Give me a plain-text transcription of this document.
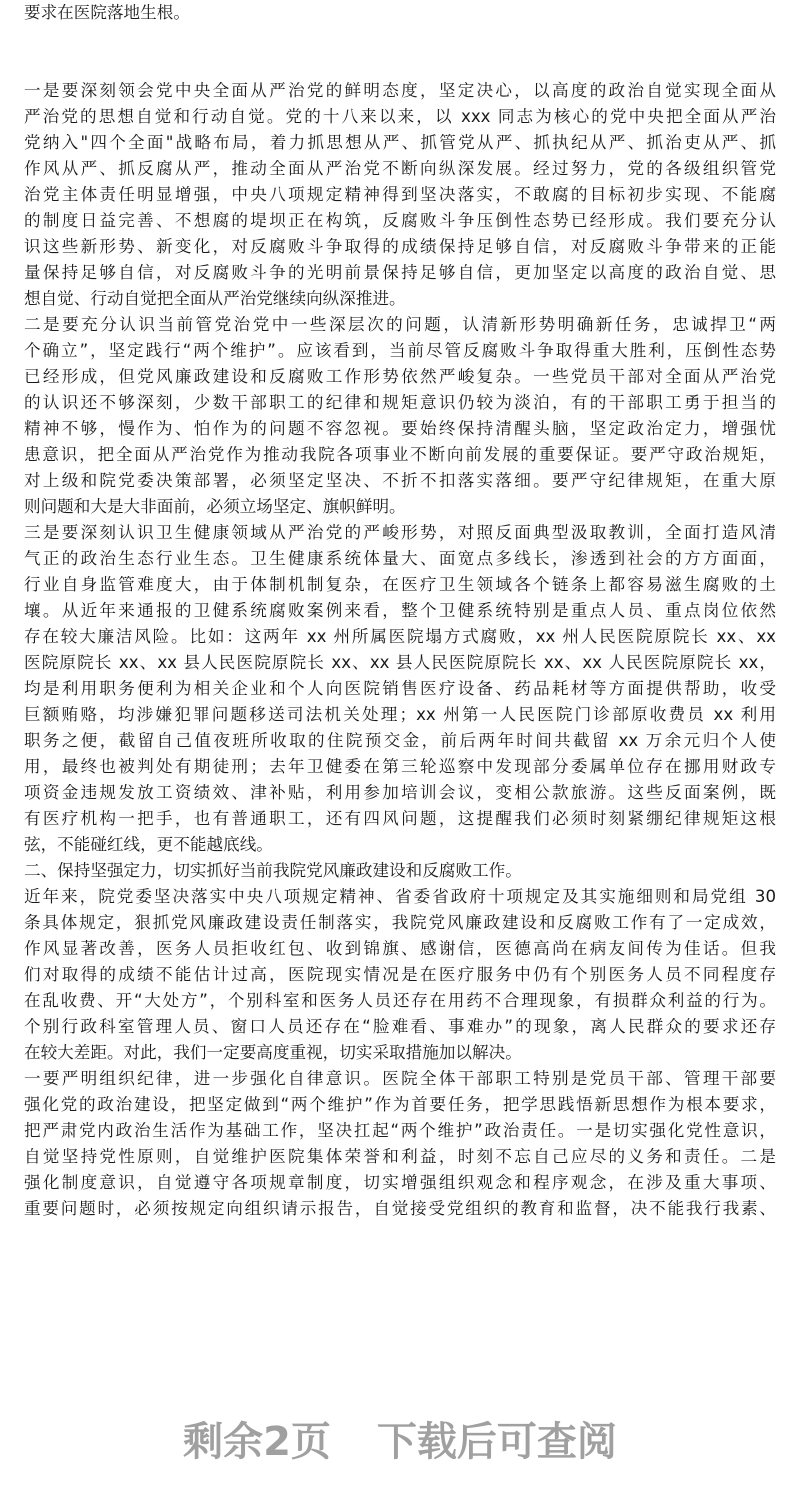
要求在医院落地生根。
一是要深刻领会党中央全面从严治党的鲜明态度，坚定决心，以高度的政治自觉实现全面从
严治党的思想自觉和行动自觉。党的十八来以来，以 xxx 同志为核心的党中央把全面从严治
党纳入"四个全面"战略布局，着力抓思想从严、抓管党从严、抓执纪从严、抓治吏从严、抓
作风从严、抓反腐从严，推动全面从严治党不断向纵深发展。经过努力，党的各级组织管党
治党主体责任明显增强，中央八项规定精神得到坚决落实，不敢腐的目标初步实现、不能腐
的制度日益完善、不想腐的堤坝正在构筑，反腐败斗争压倒性态势已经形成。我们要充分认
识这些新形势、新变化，对反腐败斗争取得的成绩保持足够自信，对反腐败斗争带来的正能
量保持足够自信，对反腐败斗争的光明前景保持足够自信，更加坚定以高度的政治自觉、思
想自觉、行动自觉把全面从严治党继续向纵深推进。
二是要充分认识当前管党治党中一些深层次的问题，认清新形势明确新任务，忠诚捍卫“两
个确立”，坚定践行“两个维护”。应该看到，当前尽管反腐败斗争取得重大胜利，压倒性态势
已经形成，但党风廉政建设和反腐败工作形势依然严峻复杂。一些党员干部对全面从严治党
的认识还不够深刻，少数干部职工的纪律和规矩意识仍较为淡泊，有的干部职工勇于担当的
精神不够，慢作为、怕作为的问题不容忽视。要始终保持清醒头脑，坚定政治定力，增强忧
患意识，把全面从严治党作为推动我院各项事业不断向前发展的重要保证。要严守政治规矩，
对上级和院党委决策部署，必须坚定坚决、不折不扣落实落细。要严守纪律规矩，在重大原
则问题和大是大非面前，必须立场坚定、旗帜鲜明。
三是要深刻认识卫生健康领域从严治党的严峻形势，对照反面典型汲取教训，全面打造风清
气正的政治生态行业生态。卫生健康系统体量大、面宽点多线长，渗透到社会的方方面面，
行业自身监管难度大，由于体制机制复杂，在医疗卫生领域各个链条上都容易滋生腐败的土
壤。从近年来通报的卫健系统腐败案例来看，整个卫健系统特别是重点人员、重点岗位依然
存在较大廉洁风险。比如：这两年 xx 州所属医院塌方式腐败，xx 州人民医院原院长 xx、xx
医院原院长 xx、xx 县人民医院原院长 xx、xx 县人民医院原院长 xx、xx 人民医院原院长 xx，
均是利用职务便利为相关企业和个人向医院销售医疗设备、药品耗材等方面提供帮助，收受
巨额贿赂，均涉嫌犯罪问题移送司法机关处理；xx 州第一人民医院门诊部原收费员 xx 利用
职务之便，截留自己值夜班所收取的住院预交金，前后两年时间共截留 xx 万余元归个人使
用，最终也被判处有期徒刑；去年卫健委在第三轮巡察中发现部分委属单位存在挪用财政专
项资金违规发放工资绩效、津补贴，利用参加培训会议，变相公款旅游。这些反面案例，既
有医疗机构一把手，也有普通职工，还有四风问题，这提醒我们必须时刻紧绷纪律规矩这根
弦，不能碰红线，更不能越底线。
二、保持坚强定力，切实抓好当前我院党风廉政建设和反腐败工作。
近年来，院党委坚决落实中央八项规定精神、省委省政府十项规定及其实施细则和局党组 30
条具体规定，狠抓党风廉政建设责任制落实，我院党风廉政建设和反腐败工作有了一定成效，
作风显著改善，医务人员拒收红包、收到锦旗、感谢信，医德高尚在病友间传为佳话。但我
们对取得的成绩不能估计过高，医院现实情况是在医疗服务中仍有个别医务人员不同程度存
在乱收费、开“大处方”，个别科室和医务人员还存在用药不合理现象，有损群众利益的行为。
个别行政科室管理人员、窗口人员还存在“脸难看、事难办”的现象，离人民群众的要求还存
在较大差距。对此，我们一定要高度重视，切实采取措施加以解决。
一要严明组织纪律，进一步强化自律意识。医院全体干部职工特别是党员干部、管理干部要
强化党的政治建设，把坚定做到“两个维护”作为首要任务，把学思践悟新思想作为根本要求，
把严肃党内政治生活作为基础工作，坚决扛起“两个维护”政治责任。一是切实强化党性意识，
自觉坚持党性原则，自觉维护医院集体荣誉和利益，时刻不忘自己应尽的义务和责任。二是
强化制度意识，自觉遵守各项规章制度，切实增强组织观念和程序观念，在涉及重大事项、
重要问题时，必须按规定向组织请示报告，自觉接受党组织的教育和监督，决不能我行我素、
剩余2页 下载后可查阅
